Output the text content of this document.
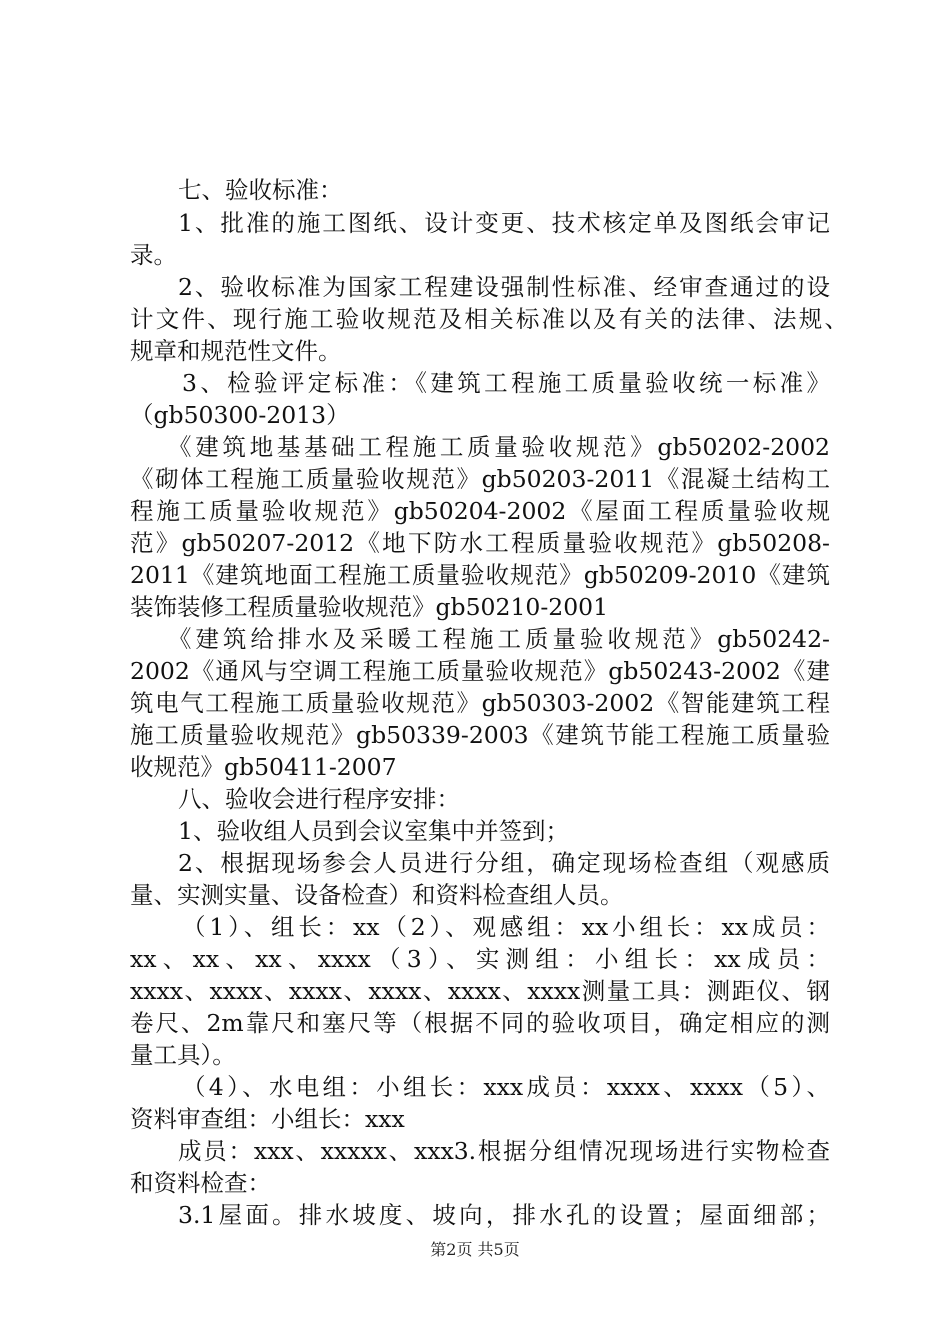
七、验收标准：
1、批准的施工图纸、设计变更、技术核定单及图纸会审记
录。
2、验收标准为国家工程建设强制性标准、经审查通过的设
计文件、现行施工验收规范及相关标准以及有关的法律、法规、
规章和规范性文件。
3、检验评定标准：《建筑工程施工质量验收统一标准》
（gb50300-2013）
《建筑地基基础工程施工质量验收规范》gb50202-2002
《砌体工程施工质量验收规范》gb50203-2011《混凝土结构工
程施工质量验收规范》gb50204-2002《屋面工程质量验收规
范》gb50207-2012《地下防水工程质量验收规范》gb50208-
2011《建筑地面工程施工质量验收规范》gb50209-2010《建筑
装饰装修工程质量验收规范》gb50210-2001
《建筑给排水及采暖工程施工质量验收规范》gb50242-
2002《通风与空调工程施工质量验收规范》gb50243-2002《建
筑电气工程施工质量验收规范》gb50303-2002《智能建筑工程
施工质量验收规范》gb50339-2003《建筑节能工程施工质量验
收规范》gb50411-2007
八、验收会进行程序安排：
1、验收组人员到会议室集中并签到；
2、根据现场参会人员进行分组，确定现场检查组（观感质
量、实测实量、设备检查）和资料检查组人员。
（1）、组长：xx（2）、观感组：xx小组长：xx成员：
xx、xx、xx、xxxx（3）、实测组：小组长：xx成员：
xxxx、xxxx、xxxx、xxxx、xxxx、xxxx测量工具：测距仪、钢
卷尺、2m靠尺和塞尺等（根据不同的验收项目，确定相应的测
量工具）。
（4）、水电组：小组长：xxx成员：xxxx、xxxx（5）、
资料审查组：小组长：xxx
成员：xxx、xxxxx、xxx3.根据分组情况现场进行实物检查
和资料检查：
3.1屋面。排水坡度、坡向，排水孔的设置；屋面细部；
第2页 共5页
